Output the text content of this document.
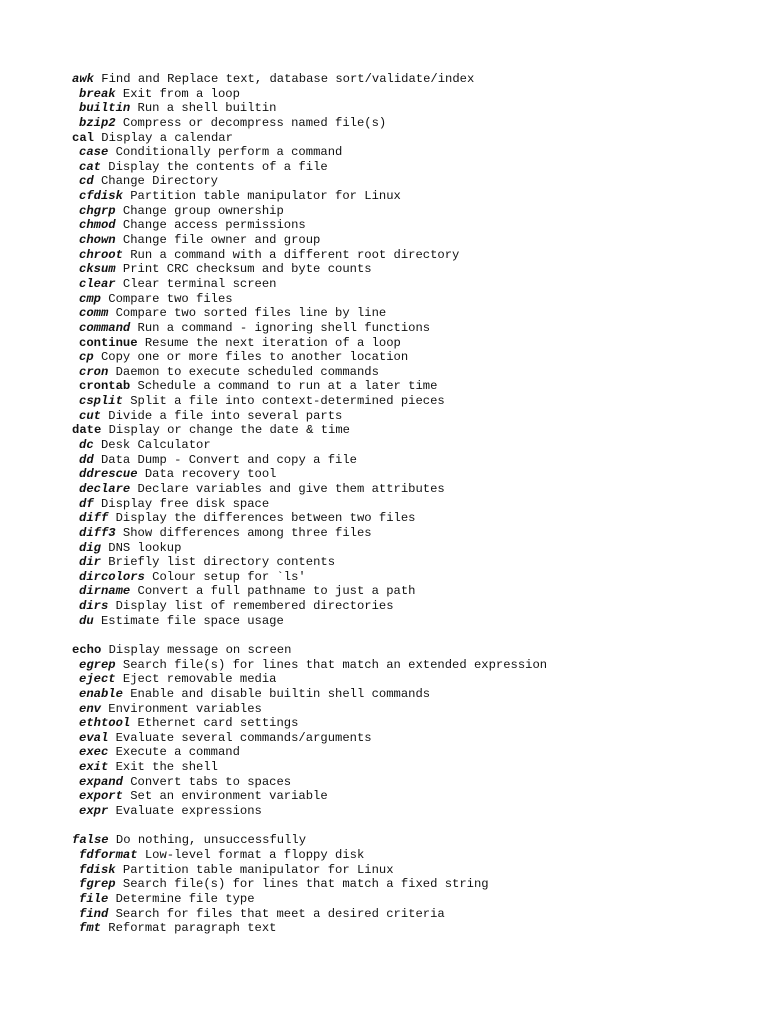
awk Find and Replace text, database sort/validate/index
break Exit from a loop
builtin Run a shell builtin
bzip2 Compress or decompress named file(s)
cal Display a calendar
case Conditionally perform a command
cat Display the contents of a file
cd Change Directory
cfdisk Partition table manipulator for Linux
chgrp Change group ownership
chmod Change access permissions
chown Change file owner and group
chroot Run a command with a different root directory
cksum Print CRC checksum and byte counts
clear Clear terminal screen
cmp Compare two files
comm Compare two sorted files line by line
command Run a command - ignoring shell functions
continue Resume the next iteration of a loop
cp Copy one or more files to another location
cron Daemon to execute scheduled commands
crontab Schedule a command to run at a later time
csplit Split a file into context-determined pieces
cut Divide a file into several parts
date Display or change the date & time
dc Desk Calculator
dd Data Dump - Convert and copy a file
ddrescue Data recovery tool
declare Declare variables and give them attributes
df Display free disk space
diff Display the differences between two files
diff3 Show differences among three files
dig DNS lookup
dir Briefly list directory contents
dircolors Colour setup for `ls'
dirname Convert a full pathname to just a path
dirs Display list of remembered directories
du Estimate file space usage
echo Display message on screen
egrep Search file(s) for lines that match an extended expression
eject Eject removable media
enable Enable and disable builtin shell commands
env Environment variables
ethtool Ethernet card settings
eval Evaluate several commands/arguments
exec Execute a command
exit Exit the shell
expand Convert tabs to spaces
export Set an environment variable
expr Evaluate expressions
false Do nothing, unsuccessfully
fdformat Low-level format a floppy disk
fdisk Partition table manipulator for Linux
fgrep Search file(s) for lines that match a fixed string
file Determine file type
find Search for files that meet a desired criteria
fmt Reformat paragraph text
